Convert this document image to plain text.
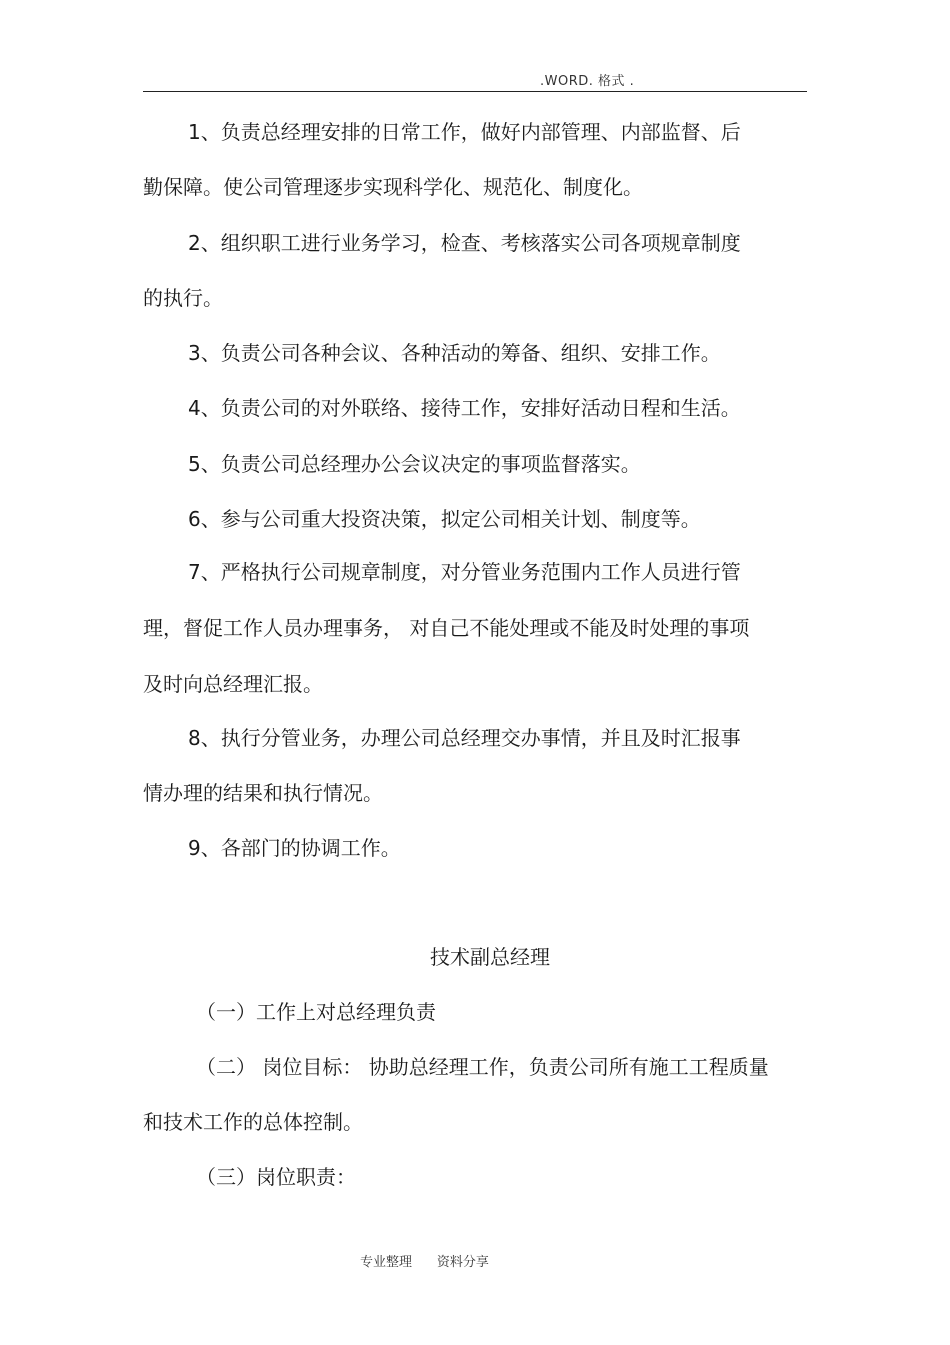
.WORD. 格式 .
1、负责总经理安排的日常工作，做好内部管理、内部监督、后
勤保障。使公司管理逐步实现科学化、规范化、制度化。
2、组织职工进行业务学习，检查、考核落实公司各项规章制度
的执行。
3、负责公司各种会议、各种活动的筹备、组织、安排工作。
4、负责公司的对外联络、接待工作，安排好活动日程和生活。
5、负责公司总经理办公会议决定的事项监督落实。
6、参与公司重大投资决策，拟定公司相关计划、制度等。
7、严格执行公司规章制度，对分管业务范围内工作人员进行管
理，督促工作人员办理事务， 对自己不能处理或不能及时处理的事项
及时向总经理汇报。
8、执行分管业务，办理公司总经理交办事情，并且及时汇报事
情办理的结果和执行情况。
9、各部门的协调工作。
技术副总经理
（一）工作上对总经理负责
（二） 岗位目标： 协助总经理工作，负责公司所有施工工程质量
和技术工作的总体控制。
（三）岗位职责：
专业整理 资料分享
